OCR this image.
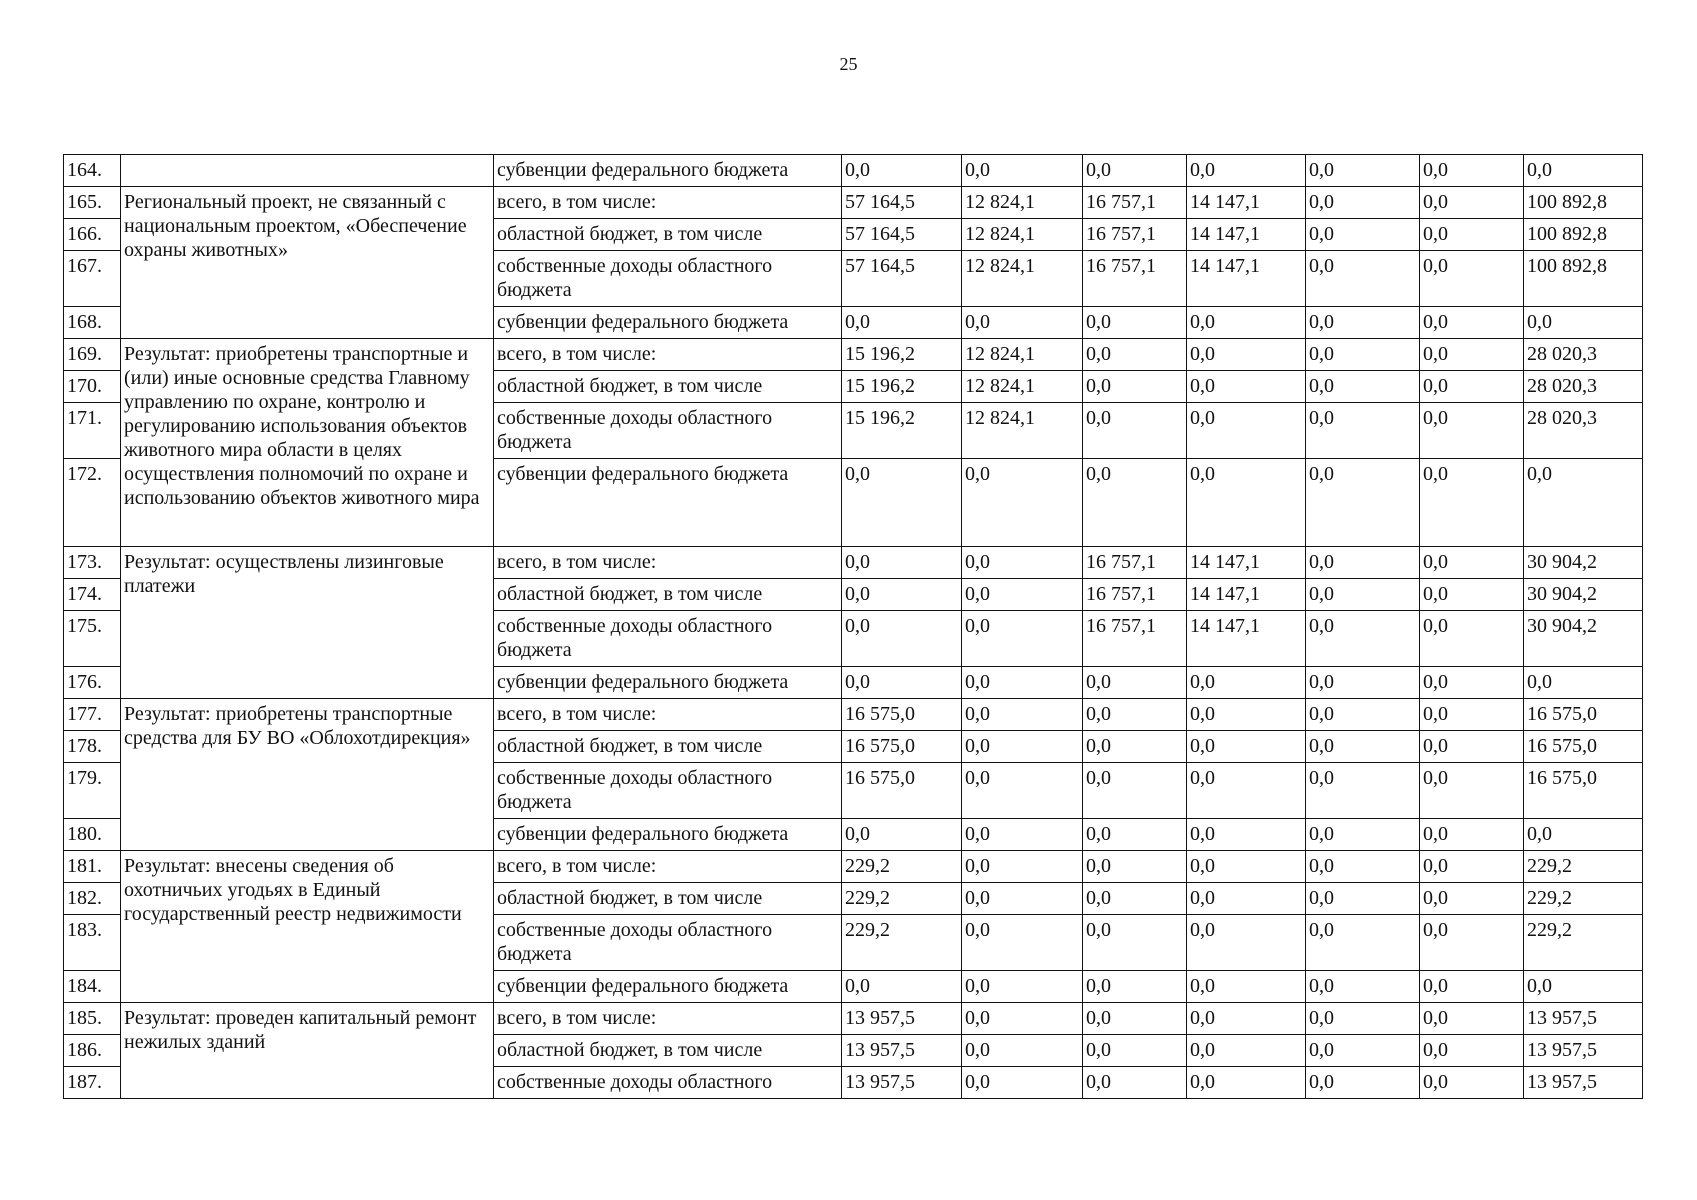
25
164.		субвенции федерального бюджета	0,0	0,0	0,0	0,0	0,0	0,0	0,0
165.	Региональный проект, не связанный с национальным проектом, «Обеспечение охраны животных»	всего, в том числе:	57 164,5	12 824,1	16 757,1	14 147,1	0,0	0,0	100 892,8
166.		областной бюджет, в том числе	57 164,5	12 824,1	16 757,1	14 147,1	0,0	0,0	100 892,8
167.		собственные доходы областного бюджета	57 164,5	12 824,1	16 757,1	14 147,1	0,0	0,0	100 892,8
168.		субвенции федерального бюджета	0,0	0,0	0,0	0,0	0,0	0,0	0,0
169.	Результат: приобретены транспортные и (или) иные основные средства Главному управлению по охране, контролю и регулированию использования объектов животного мира области в целях осуществления полномочий по охране и использованию объектов животного мира	всего, в том числе:	15 196,2	12 824,1	0,0	0,0	0,0	0,0	28 020,3
170.		областной бюджет, в том числе	15 196,2	12 824,1	0,0	0,0	0,0	0,0	28 020,3
171.		собственные доходы областного бюджета	15 196,2	12 824,1	0,0	0,0	0,0	0,0	28 020,3
172.		субвенции федерального бюджета	0,0	0,0	0,0	0,0	0,0	0,0	0,0
173.	Результат: осуществлены лизинговые платежи	всего, в том числе:	0,0	0,0	16 757,1	14 147,1	0,0	0,0	30 904,2
174.		областной бюджет, в том числе	0,0	0,0	16 757,1	14 147,1	0,0	0,0	30 904,2
175.		собственные доходы областного бюджета	0,0	0,0	16 757,1	14 147,1	0,0	0,0	30 904,2
176.		субвенции федерального бюджета	0,0	0,0	0,0	0,0	0,0	0,0	0,0
177.	Результат: приобретены транспортные средства для БУ ВО «Облохотдирекция»	всего, в том числе:	16 575,0	0,0	0,0	0,0	0,0	0,0	16 575,0
178.		областной бюджет, в том числе	16 575,0	0,0	0,0	0,0	0,0	0,0	16 575,0
179.		собственные доходы областного бюджета	16 575,0	0,0	0,0	0,0	0,0	0,0	16 575,0
180.		субвенции федерального бюджета	0,0	0,0	0,0	0,0	0,0	0,0	0,0
181.	Результат: внесены сведения об охотничьих угодьях в Единый государственный реестр недвижимости	всего, в том числе:	229,2	0,0	0,0	0,0	0,0	0,0	229,2
182.		областной бюджет, в том числе	229,2	0,0	0,0	0,0	0,0	0,0	229,2
183.		собственные доходы областного бюджета	229,2	0,0	0,0	0,0	0,0	0,0	229,2
184.		субвенции федерального бюджета	0,0	0,0	0,0	0,0	0,0	0,0	0,0
185.	Результат: проведен капитальный ремонт нежилых зданий	всего, в том числе:	13 957,5	0,0	0,0	0,0	0,0	0,0	13 957,5
186.		областной бюджет, в том числе	13 957,5	0,0	0,0	0,0	0,0	0,0	13 957,5
187.		собственные доходы областного	13 957,5	0,0	0,0	0,0	0,0	0,0	13 957,5
